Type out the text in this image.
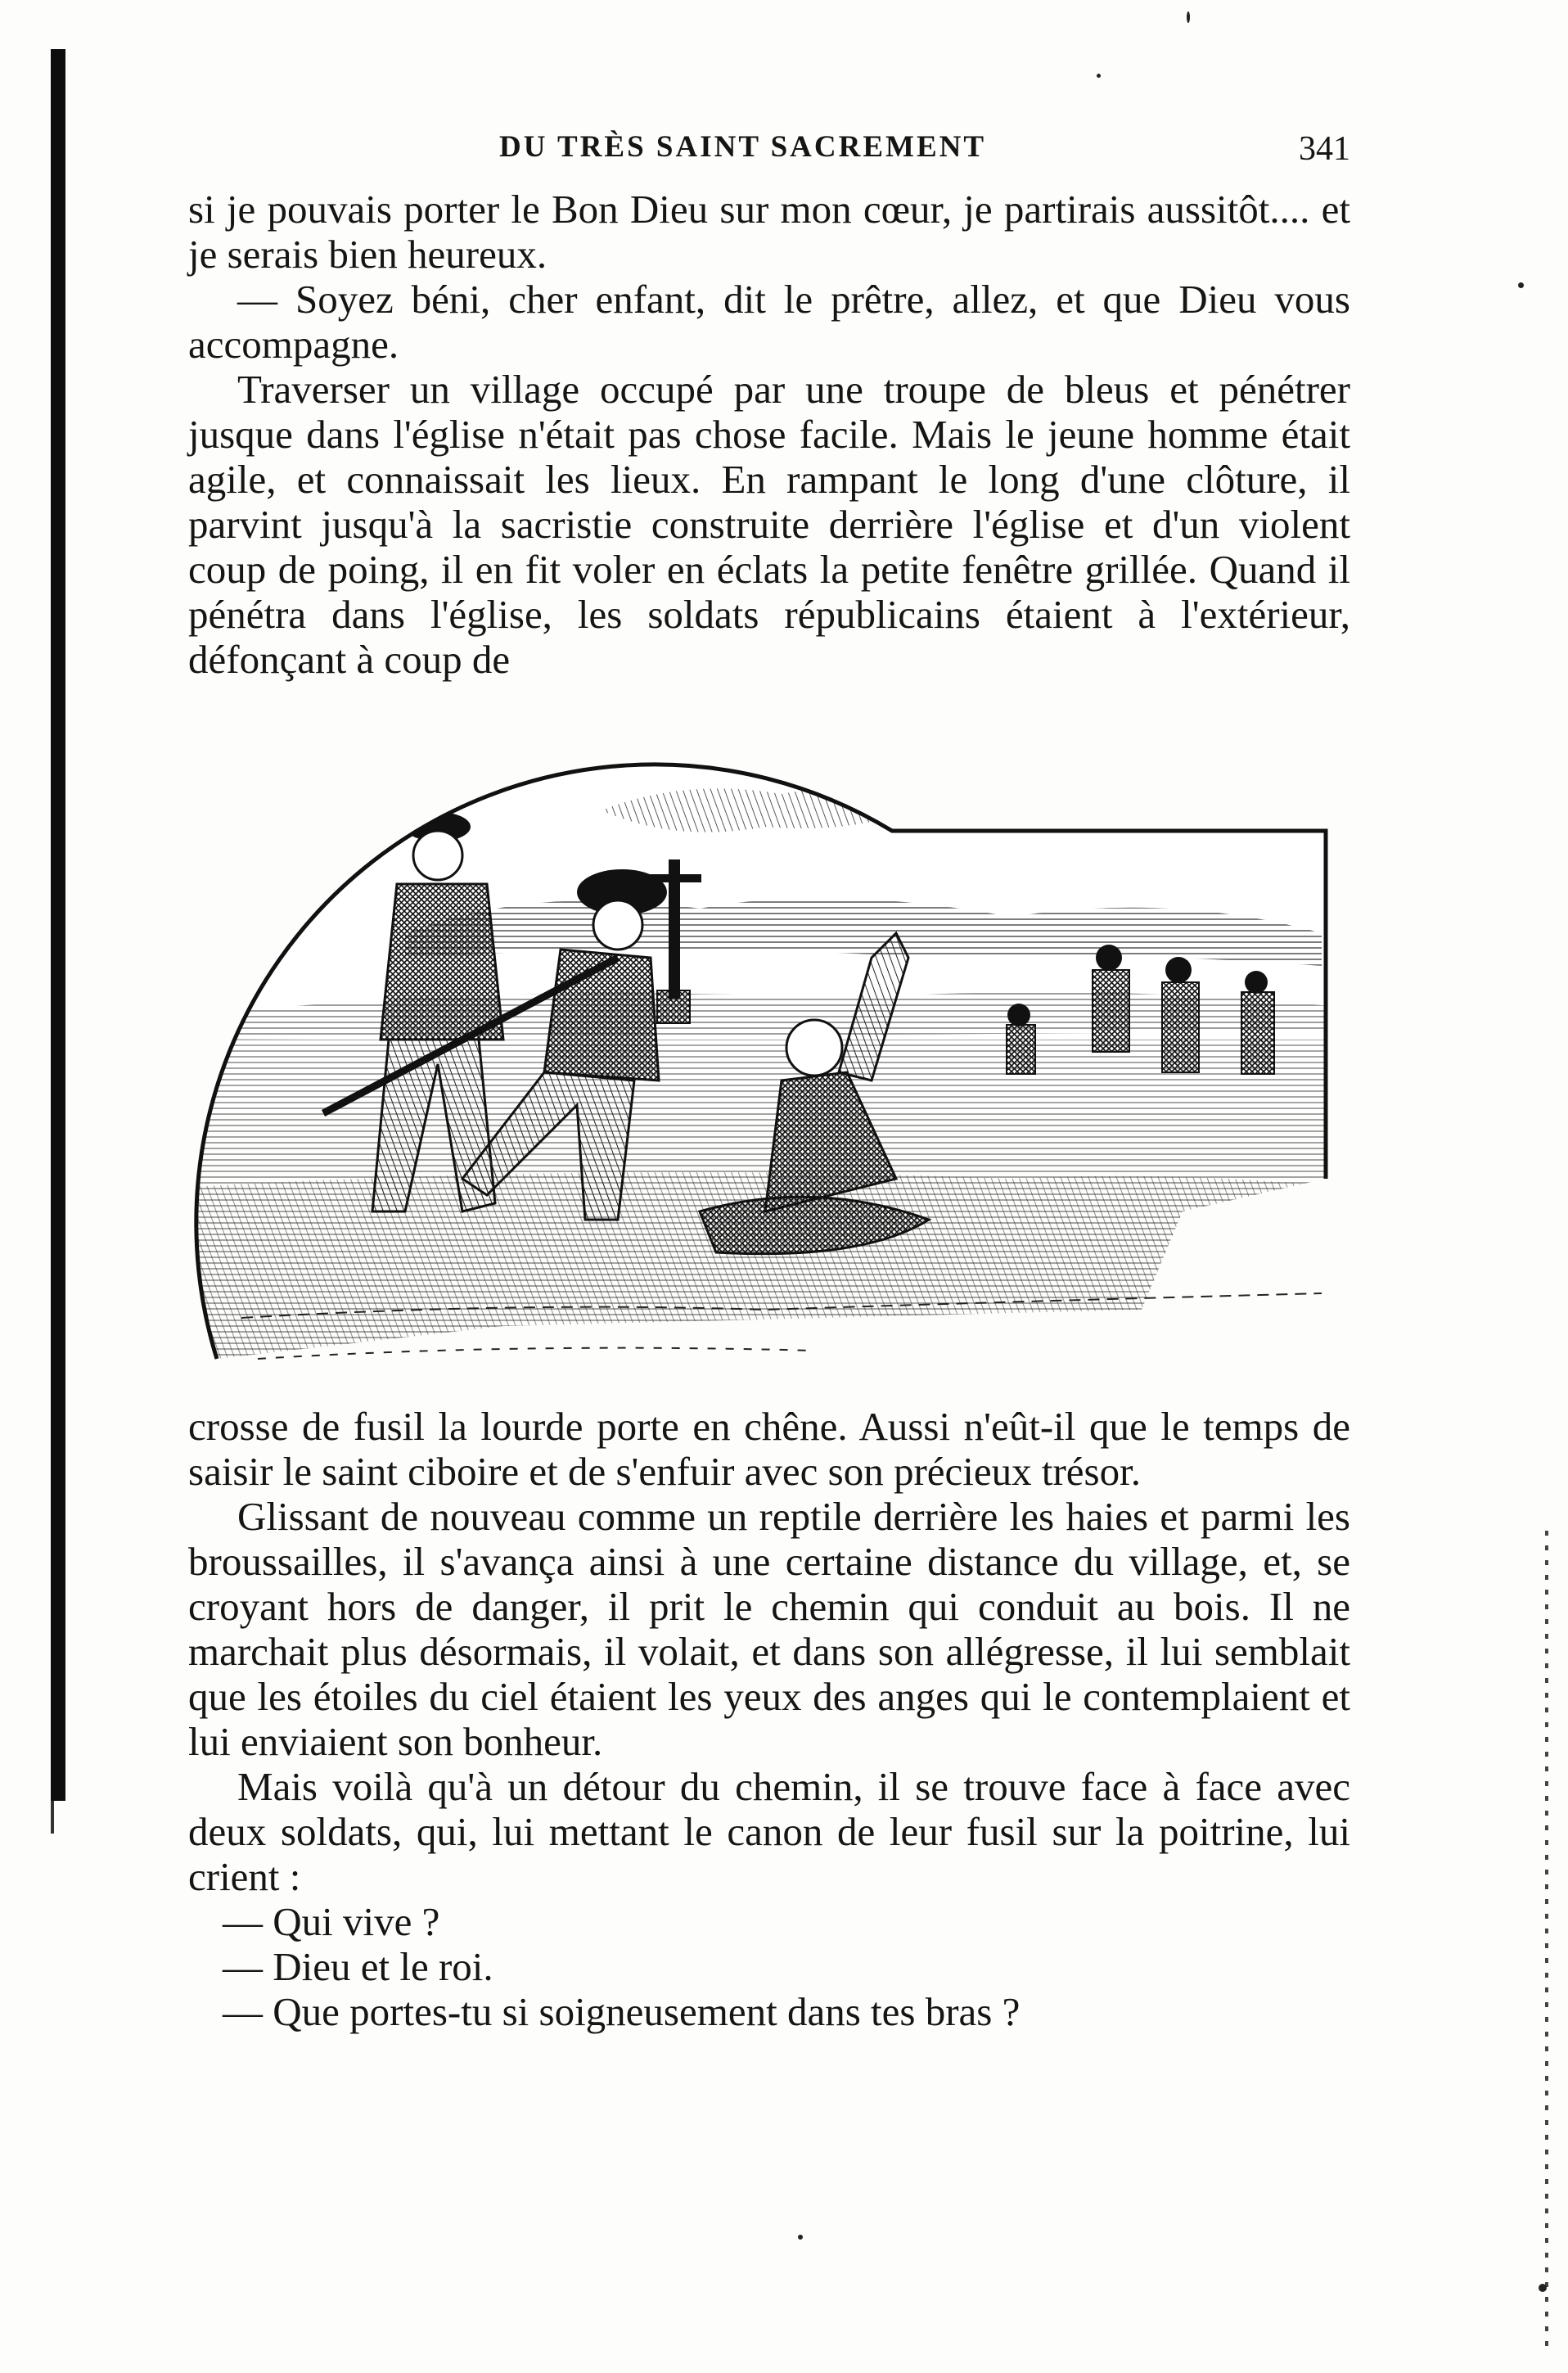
DU TRÈS SAINT SACREMENT	341

si je pouvais porter le Bon Dieu sur mon cœur, je partirais aussitôt.... et je serais bien heureux.

— Soyez béni, cher enfant, dit le prêtre, allez, et que Dieu vous accompagne.

Traverser un village occupé par une troupe de bleus et pénétrer jusque dans l'église n'était pas chose facile. Mais le jeune homme était agile, et connaissait les lieux. En rampant le long d'une clôture, il parvint jusqu'à la sacristie construite derrière l'église et d'un violent coup de poing, il en fit voler en éclats la petite fenêtre grillée. Quand il pénétra dans l'église, les soldats républicains étaient à l'extérieur, défonçant à coup de

crosse de fusil la lourde porte en chêne. Aussi n'eût-il que le temps de saisir le saint ciboire et de s'enfuir avec son précieux trésor.

Glissant de nouveau comme un reptile derrière les haies et parmi les broussailles, il s'avança ainsi à une certaine distance du village, et, se croyant hors de danger, il prit le chemin qui conduit au bois. Il ne marchait plus désormais, il volait, et dans son allégresse, il lui semblait que les étoiles du ciel étaient les yeux des anges qui le contemplaient et lui enviaient son bonheur.

Mais voilà qu'à un détour du chemin, il se trouve face à face avec deux soldats, qui, lui mettant le canon de leur fusil sur la poitrine, lui crient :

— Qui vive ?

— Dieu et le roi.

— Que portes-tu si soigneusement dans tes bras ?
